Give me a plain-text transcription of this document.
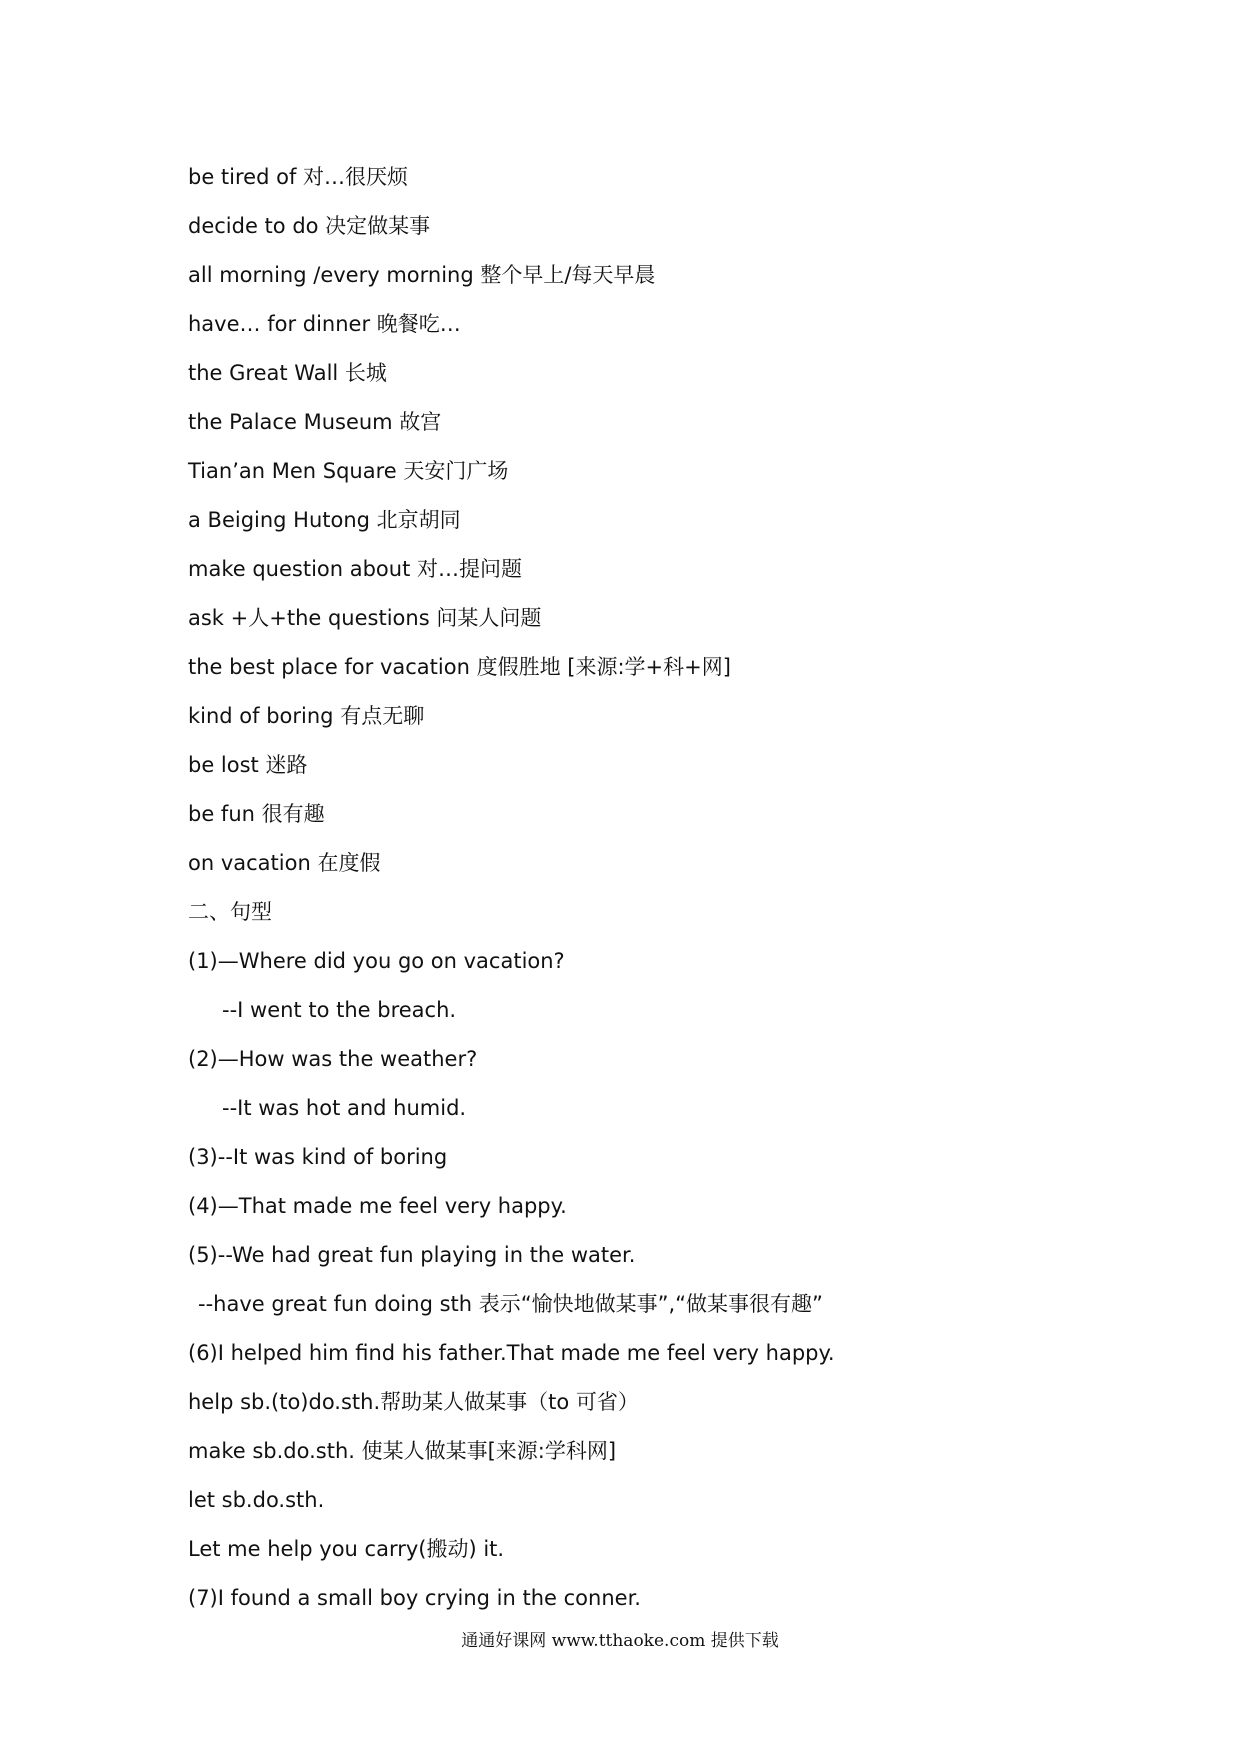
be tired of 对…很厌烦
decide to do 决定做某事
all morning /every morning 整个早上/每天早晨
have… for dinner 晚餐吃…
the Great Wall 长城
the Palace Museum 故宫
Tian’an Men Square 天安门广场
a Beiging Hutong 北京胡同
make question about 对…提问题
ask +人+the questions 问某人问题
the best place for vacation 度假胜地 [来源:学+科+网]
kind of boring 有点无聊
be lost 迷路
be fun 很有趣
on vacation 在度假
二、句型
(1)—Where did you go on vacation?
--I went to the breach.
(2)—How was the weather?
--It was hot and humid.
(3)--It was kind of boring
(4)—That made me feel very happy.
(5)--We had great fun playing in the water.
--have great fun doing sth 表示“愉快地做某事”,“做某事很有趣”
(6)I helped him find his father.That made me feel very happy.
help sb.(to)do.sth.帮助某人做某事（to 可省）
make sb.do.sth. 使某人做某事[来源:学科网]
let sb.do.sth.
Let me help you carry(搬动) it.
(7)I found a small boy crying in the conner.
通通好课网 www.tthaoke.com 提供下载
